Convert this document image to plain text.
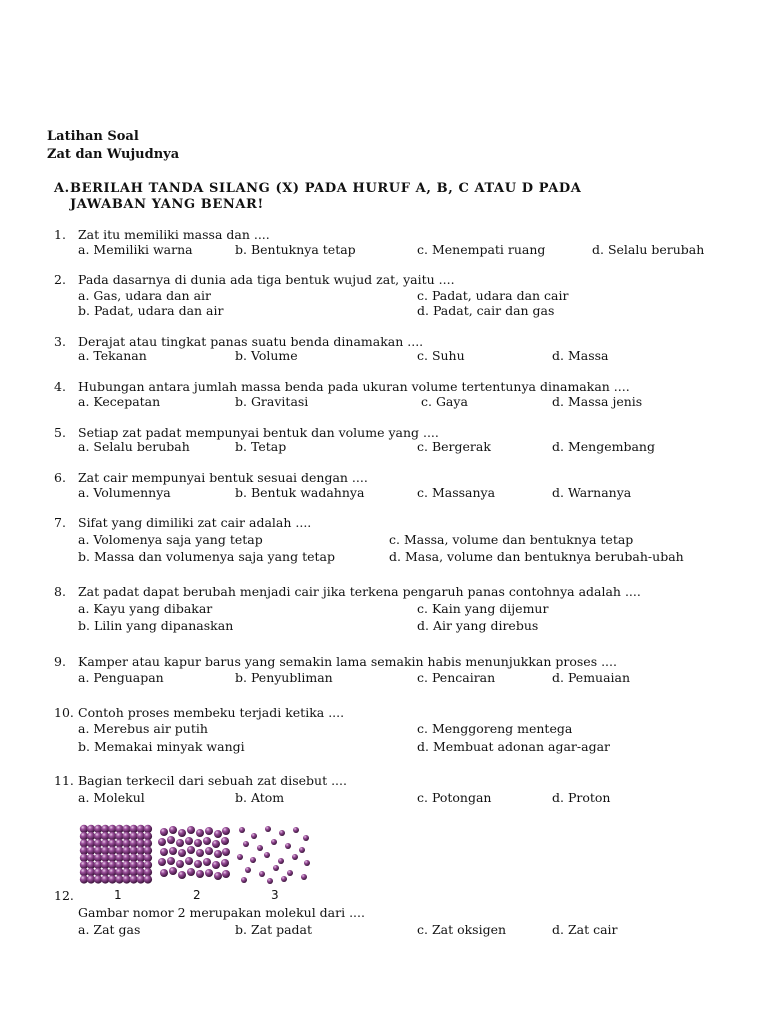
Latihan Soal
Zat dan Wujudnya
A.BERILAH TANDA SILANG (X) PADA HURUF A, B, C ATAU D PADA
JAWABAN YANG BENAR!
1. Zat itu memiliki massa dan ....
a. Memiliki warna	b. Bentuknya tetap	c. Menempati ruang	d. Selalu berubah
2. Pada dasarnya di dunia ada tiga bentuk wujud zat, yaitu ....
a. Gas, udara dan air	c. Padat, udara dan cair
b. Padat, udara dan air	d. Padat, cair dan gas
3. Derajat atau tingkat panas suatu benda dinamakan ....
a. Tekanan	b. Volume	c. Suhu	d. Massa
4. Hubungan antara jumlah massa benda pada ukuran volume tertentunya dinamakan ....
a. Kecepatan	b. Gravitasi	c. Gaya	d. Massa jenis
5. Setiap zat padat mempunyai bentuk dan volume yang ....
a. Selalu berubah	b. Tetap	c. Bergerak	d. Mengembang
6. Zat cair mempunyai bentuk sesuai dengan ....
a. Volumennya	b. Bentuk wadahnya	c. Massanya	d. Warnanya
7. Sifat yang dimiliki zat cair adalah ....
a. Volomenya saja yang tetap	c. Massa, volume dan bentuknya tetap
b. Massa dan volumenya saja yang tetap	d. Masa, volume dan bentuknya berubah-ubah
8. Zat padat dapat berubah menjadi cair jika terkena pengaruh panas contohnya adalah ....
a. Kayu yang dibakar	c. Kain yang dijemur
b. Lilin yang dipanaskan	d. Air yang direbus
9. Kamper atau kapur barus yang semakin lama semakin habis menunjukkan proses ....
a. Penguapan	b. Penyubliman	c. Pencairan	d. Pemuaian
10. Contoh proses membeku terjadi ketika ....
a. Merebus air putih	c. Menggoreng mentega
b. Memakai minyak wangi	d. Membuat adonan agar-agar
11. Bagian terkecil dari sebuah zat disebut ....
a. Molekul	b. Atom	c. Potongan	d. Proton
12.	1	2	3
Gambar nomor 2 merupakan molekul dari ....
a. Zat gas	b. Zat padat	c. Zat oksigen	d. Zat cair
